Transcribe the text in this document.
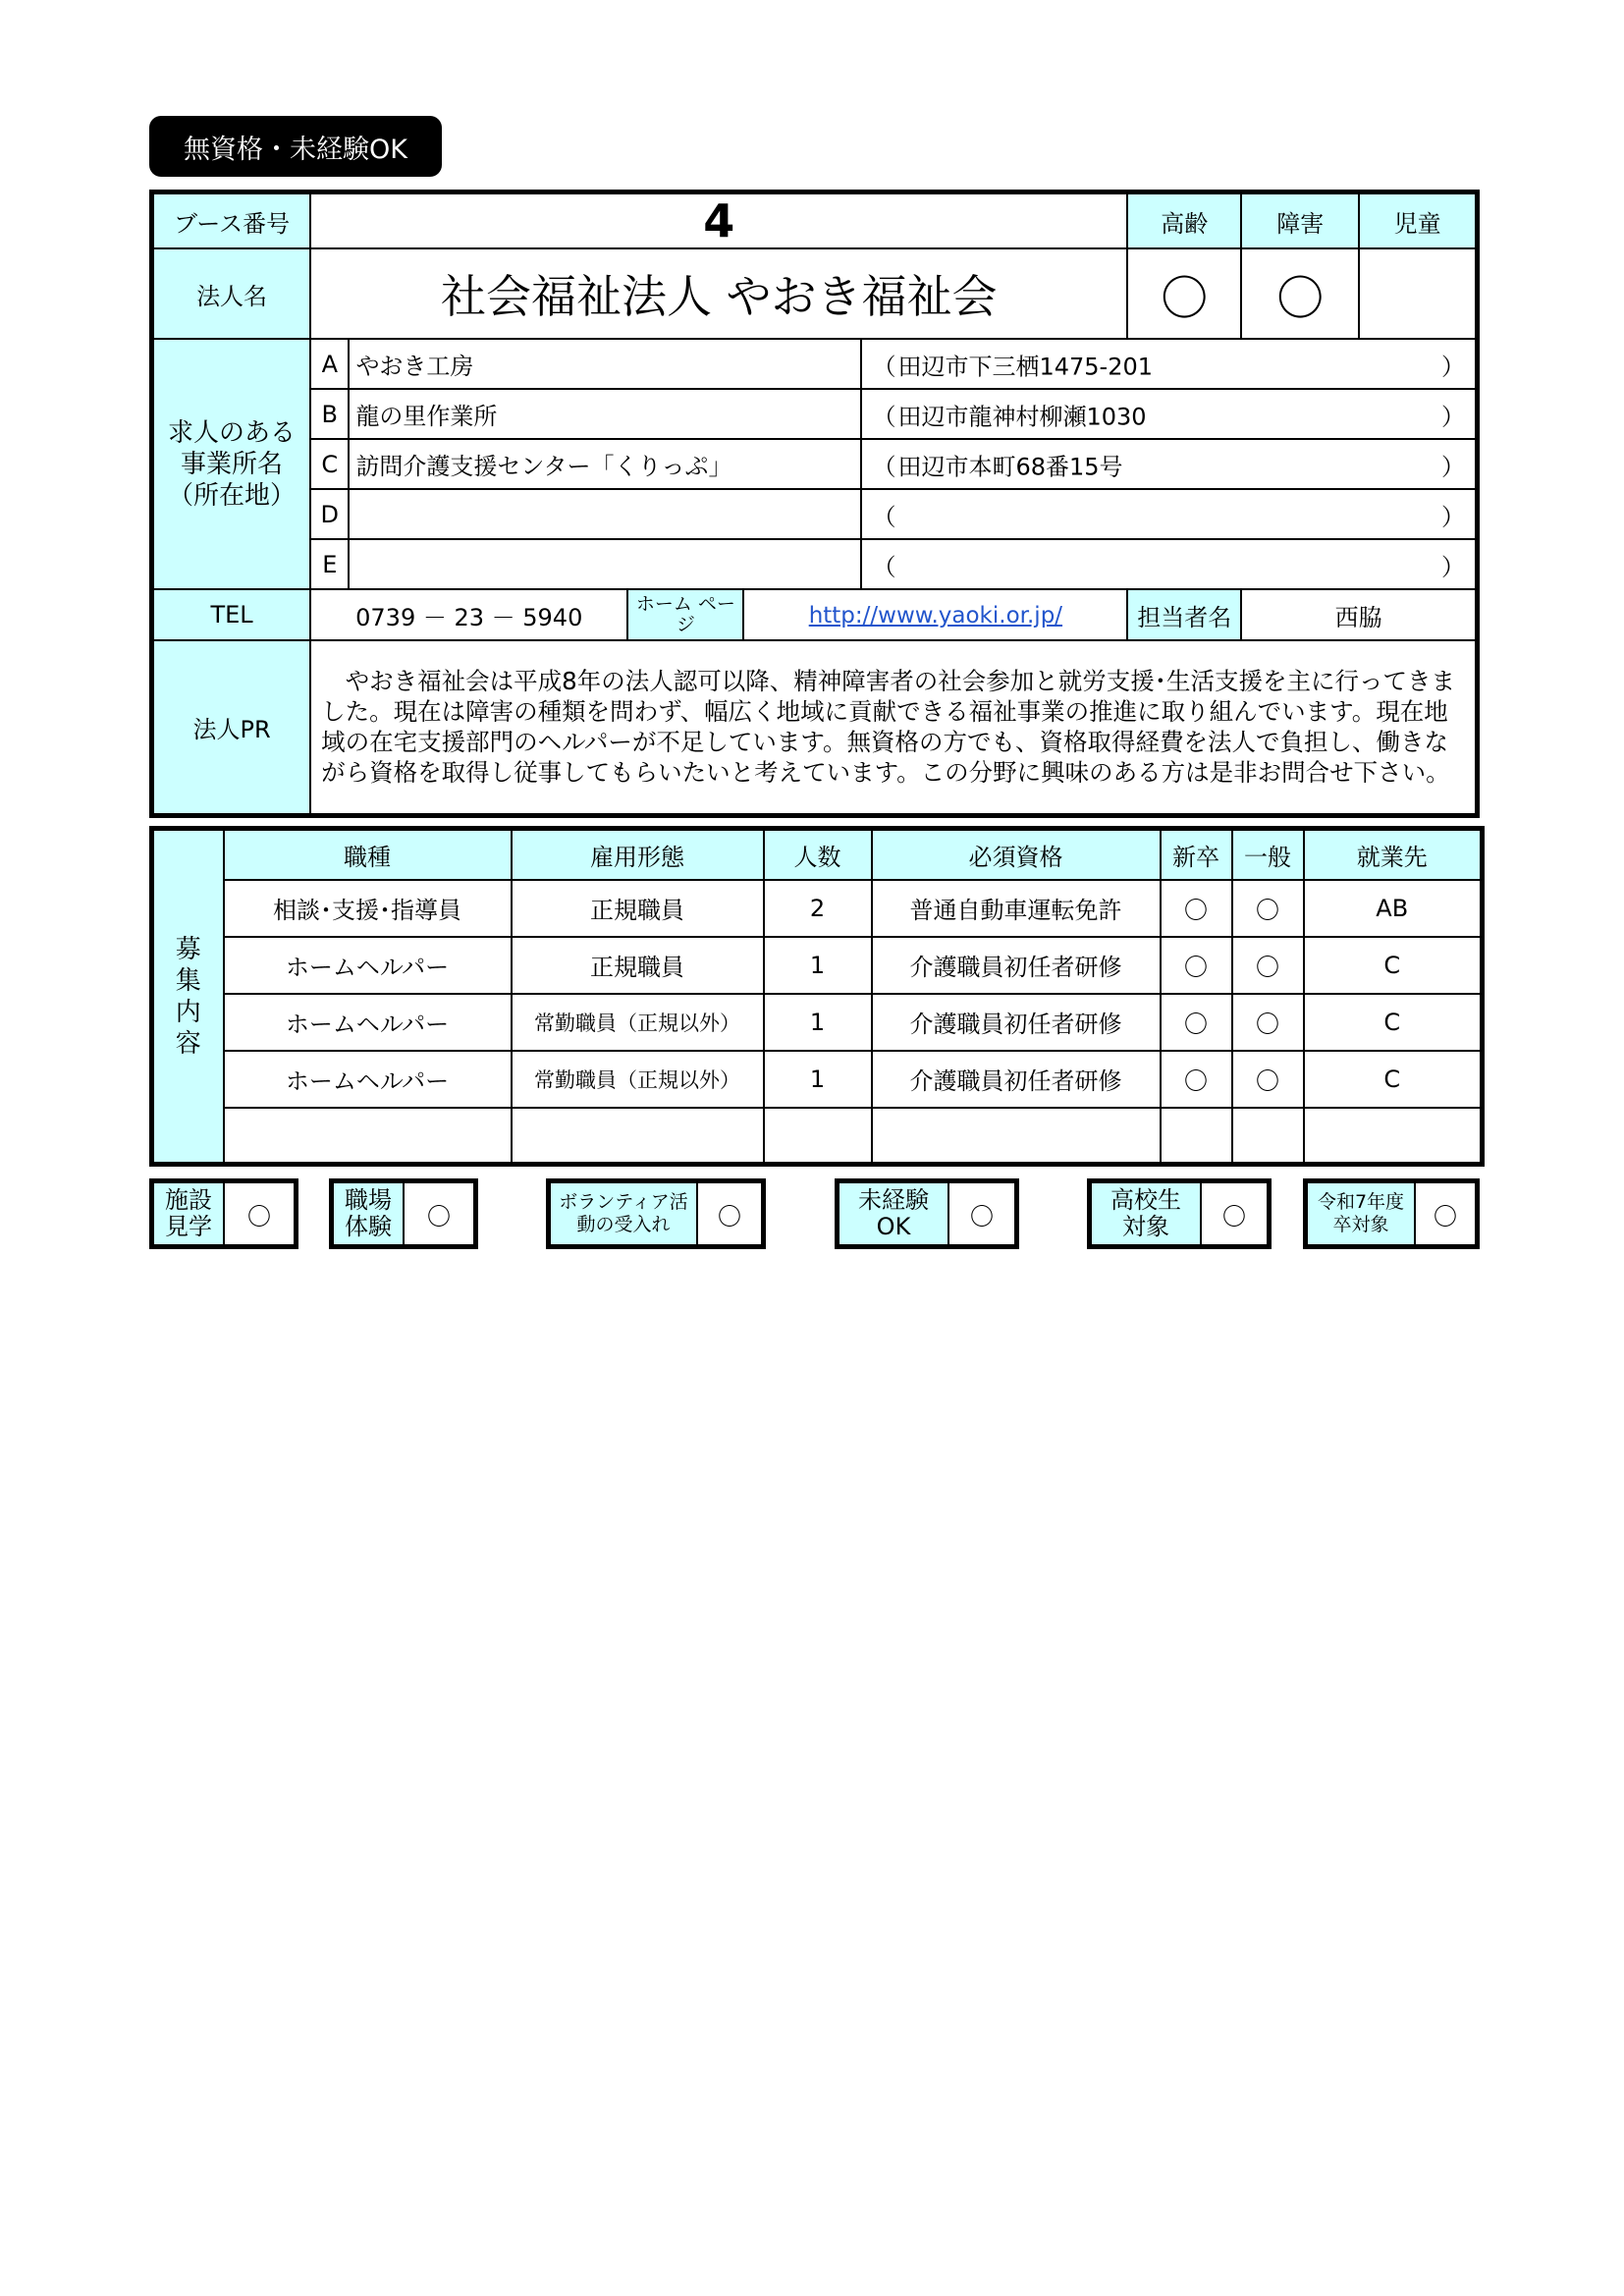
無資格・未経験OK
ブース番号	4					高齢	障害	児童
法人名	社会福祉法人 やおき福祉会					〇	〇	
求人のある事業所名（所在地）	A	やおき工房			（ 田辺市下三栖1475-201 ）			

	B	龍の里作業所			（ 田辺市龍神村柳瀬1030 ）			

	C	訪問介護支援センター「くりっぷ」			（ 田辺市本町68番15号 ）			

	D				（ ）			

	E				（ ）			

TEL	0739 － 23 － 5940		ホーム ページ	http://www.yaoki.or.jp/		担当者名	西脇	
法人PR	　やおき福祉会は平成8年の法人認可以降、精神障害者の社会参加と就労支援･生活支援を主に行ってきました。現在は障害の種類を問わず、幅広く地域に貢献できる福祉事業の推進に取り組んでいます。現在地域の在宅支援部門のヘルパーが不足しています。無資格の方でも、資格取得経費を法人で負担し、働きながら資格を取得し従事してもらいたいと考えています。この分野に興味のある方は是非お問合せ下さい。							
募集内容	職種	雇用形態	人数	必須資格	新卒	一般	就業先
	相談･支援･指導員	正規職員	2	普通自動車運転免許	〇	〇	AB
	ホームヘルパー	正規職員	1	介護職員初任者研修	〇	〇	C
	ホームヘルパー	常勤職員（正規以外）	1	介護職員初任者研修	〇	〇	C
	ホームヘルパー	常勤職員（正規以外）	1	介護職員初任者研修	〇	〇	C

施設見学	〇
職場体験	〇
ボランティア活動の受入れ	〇
未経験OK	〇
高校生対象	〇
令和7年度卒対象	〇
